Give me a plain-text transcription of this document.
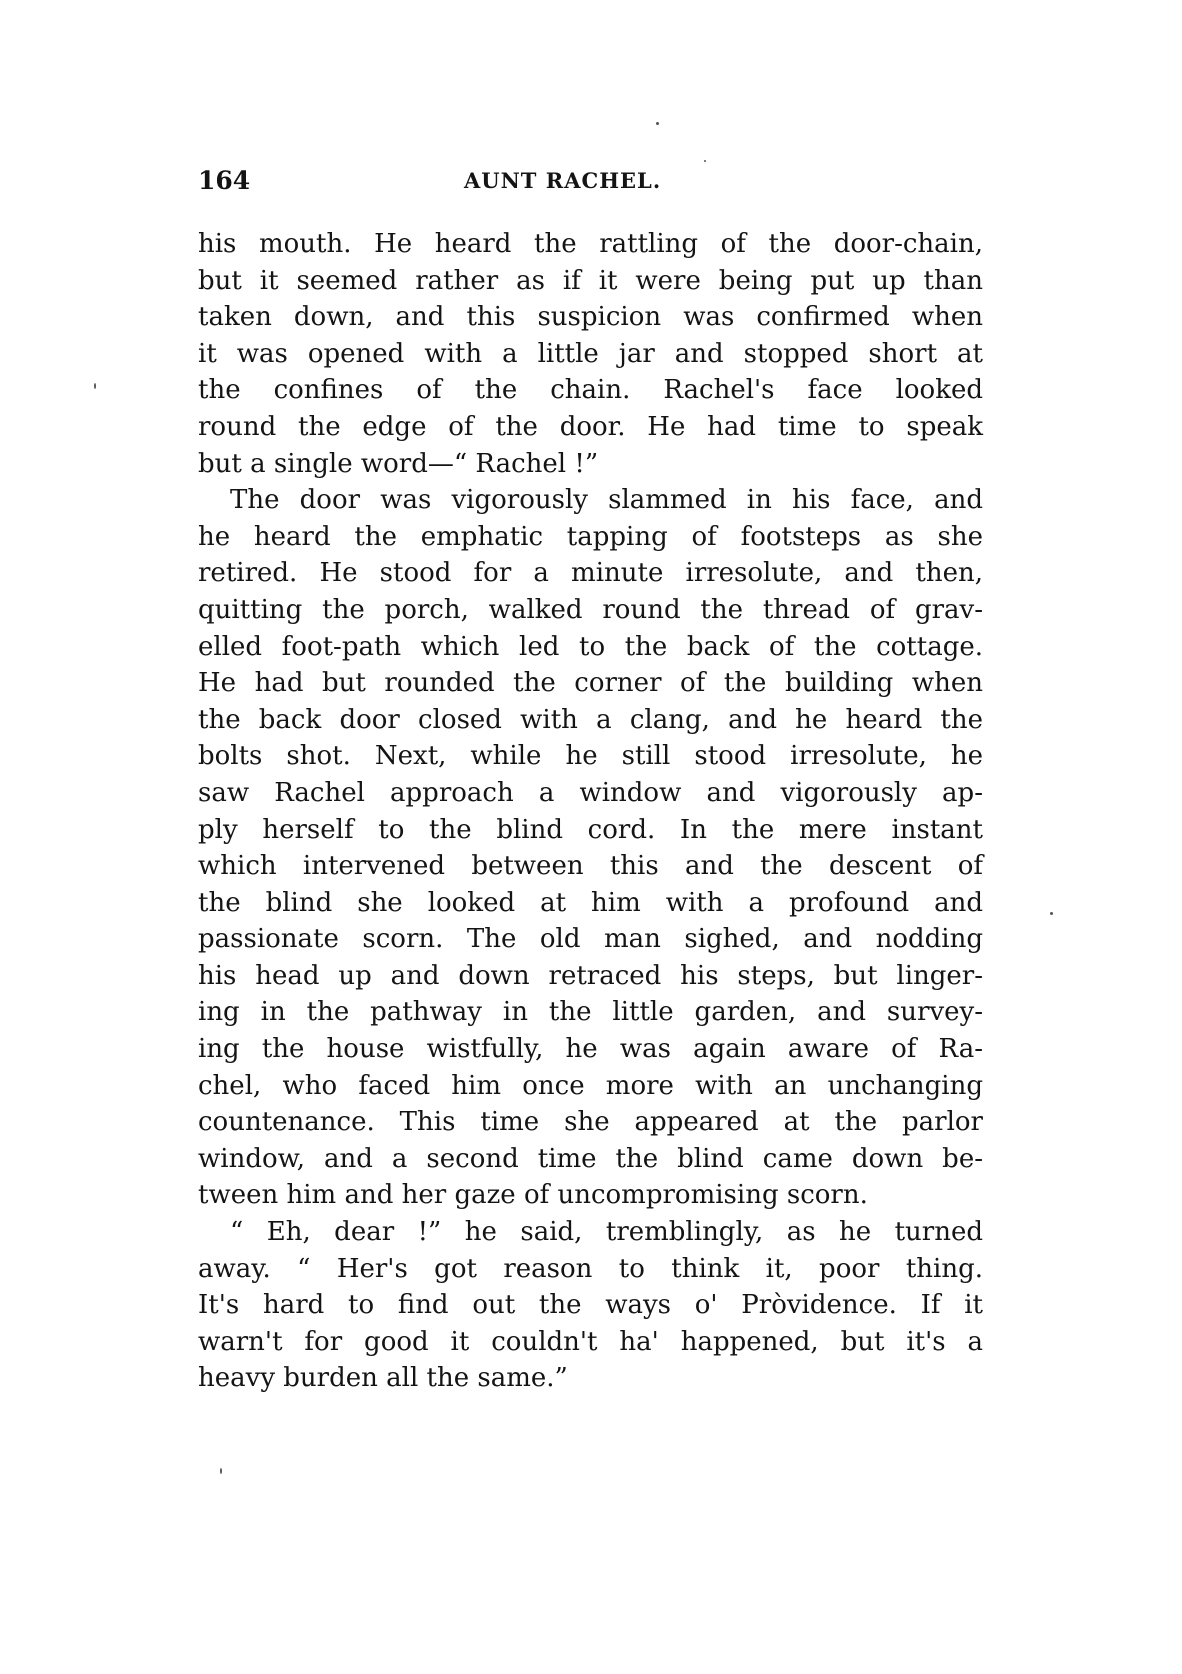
164	AUNT RACHEL.
his mouth. He heard the rattling of the door-chain,
but it seemed rather as if it were being put up than
taken down, and this suspicion was confirmed when
it was opened with a little jar and stopped short at
the confines of the chain. Rachel's face looked
round the edge of the door. He had time to speak
but a single word—“ Rachel !”
The door was vigorously slammed in his face, and
he heard the emphatic tapping of footsteps as she
retired. He stood for a minute irresolute, and then,
quitting the porch, walked round the thread of grav-
elled foot-path which led to the back of the cottage.
He had but rounded the corner of the building when
the back door closed with a clang, and he heard the
bolts shot. Next, while he still stood irresolute, he
saw Rachel approach a window and vigorously ap-
ply herself to the blind cord. In the mere instant
which intervened between this and the descent of
the blind she looked at him with a profound and
passionate scorn. The old man sighed, and nodding
his head up and down retraced his steps, but linger-
ing in the pathway in the little garden, and survey-
ing the house wistfully, he was again aware of Ra-
chel, who faced him once more with an unchanging
countenance. This time she appeared at the parlor
window, and a second time the blind came down be-
tween him and her gaze of uncompromising scorn.
“ Eh, dear !” he said, tremblingly, as he turned
away. “ Her's got reason to think it, poor thing.
It's hard to find out the ways o' Pròvidence. If it
warn't for good it couldn't ha' happened, but it's a
heavy burden all the same.”
